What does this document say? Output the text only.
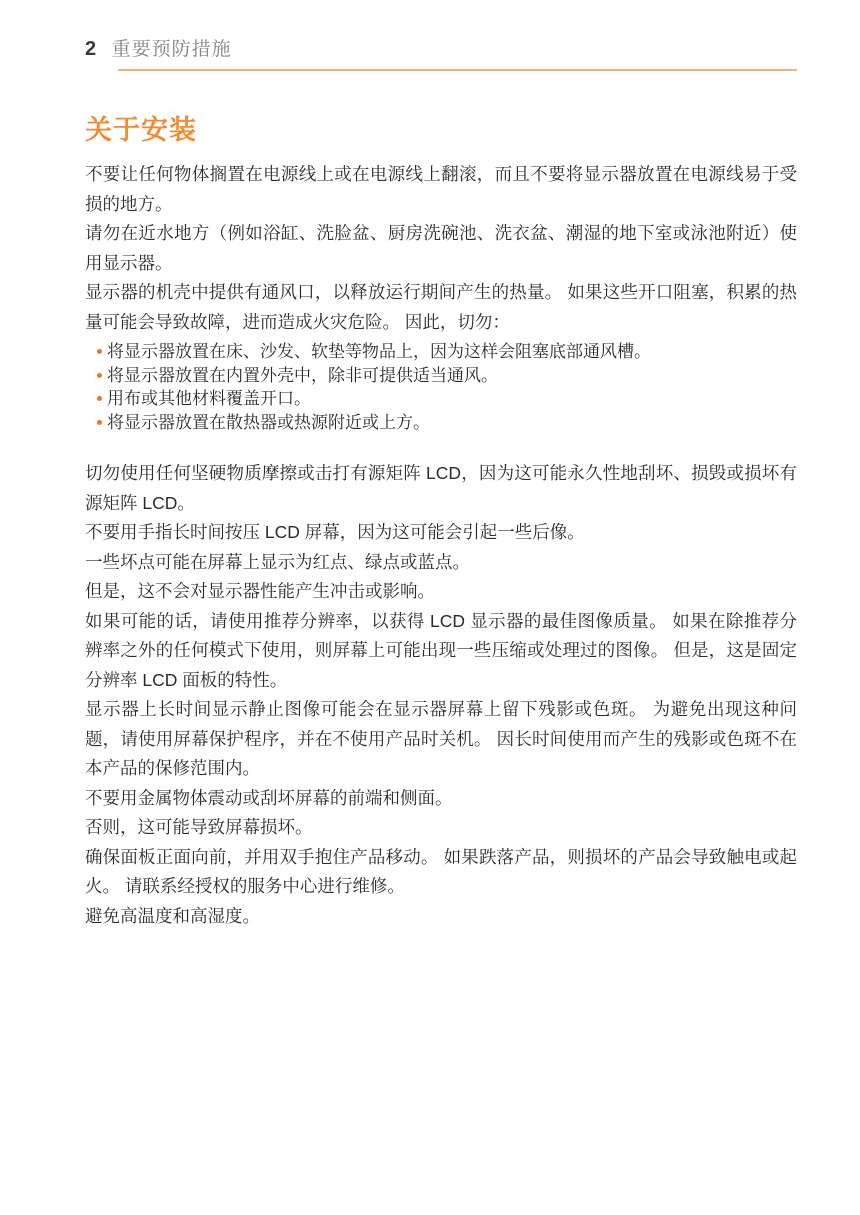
2 重要预防措施
关于安装

不要让任何物体搁置在电源线上或在电源线上翻滚，而且不要将显示器放置在电源线易于受损的地方。

请勿在近水地方（例如浴缸、洗脸盆、厨房洗碗池、洗衣盆、潮湿的地下室或泳池附近）使用显示器。

显示器的机壳中提供有通风口，以释放运行期间产生的热量。 如果这些开口阻塞，积累的热量可能会导致故障，进而造成火灾危险。 因此，切勿：

将显示器放置在床、沙发、软垫等物品上，因为这样会阻塞底部通风槽。
将显示器放置在内置外壳中，除非可提供适当通风。
用布或其他材料覆盖开口。
将显示器放置在散热器或热源附近或上方。

切勿使用任何坚硬物质摩擦或击打有源矩阵 LCD，因为这可能永久性地刮坏、损毁或损坏有源矩阵 LCD。

不要用手指长时间按压 LCD 屏幕，因为这可能会引起一些后像。

一些坏点可能在屏幕上显示为红点、绿点或蓝点。

但是，这不会对显示器性能产生冲击或影响。

如果可能的话，请使用推荐分辨率，以获得 LCD 显示器的最佳图像质量。 如果在除推荐分辨率之外的任何模式下使用，则屏幕上可能出现一些压缩或处理过的图像。 但是，这是固定分辨率 LCD 面板的特性。

显示器上长时间显示静止图像可能会在显示器屏幕上留下残影或色斑。 为避免出现这种问题，请使用屏幕保护程序，并在不使用产品时关机。 因长时间使用而产生的残影或色斑不在本产品的保修范围内。

不要用金属物体震动或刮坏屏幕的前端和侧面。

否则，这可能导致屏幕损坏。

确保面板正面向前，并用双手抱住产品移动。 如果跌落产品，则损坏的产品会导致触电或起火。 请联系经授权的服务中心进行维修。

避免高温度和高湿度。
